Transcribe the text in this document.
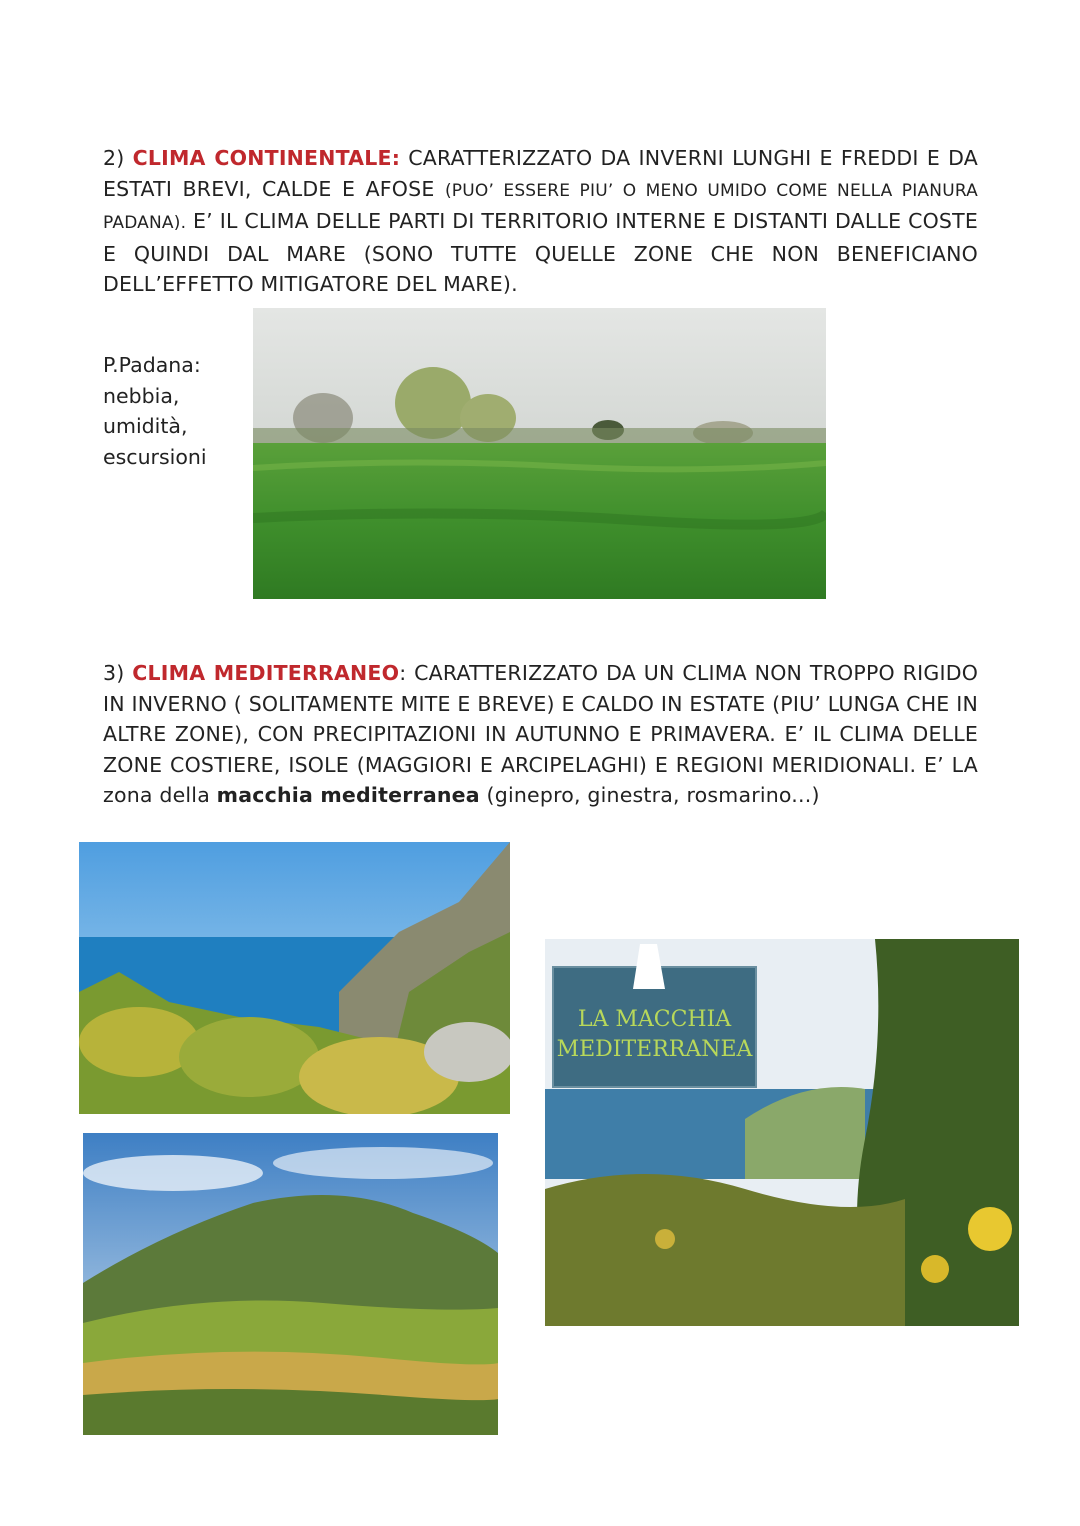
2) CLIMA CONTINENTALE: CARATTERIZZATO DA INVERNI LUNGHI E FREDDI E DA ESTATI BREVI, CALDE E AFOSE (PUO’ ESSERE PIU’ O MENO UMIDO COME NELLA PIANURA PADANA). E’ IL CLIMA DELLE PARTI DI TERRITORIO INTERNE E DISTANTI DALLE COSTE E QUINDI DAL MARE (SONO TUTTE QUELLE ZONE CHE NON BENEFICIANO DELL’EFFETTO MITIGATORE DEL MARE).
P.Padana:
nebbia,
umidità,
escursioni
3) CLIMA MEDITERRANEO: CARATTERIZZATO DA UN CLIMA NON TROPPO RIGIDO IN INVERNO ( SOLITAMENTE MITE E BREVE) E CALDO IN ESTATE (PIU’ LUNGA CHE IN ALTRE ZONE), CON PRECIPITAZIONI IN AUTUNNO E PRIMAVERA. E’ IL CLIMA DELLE ZONE COSTIERE, ISOLE (MAGGIORI E ARCIPELAGHI) E REGIONI MERIDIONALI. E’ LA zona della macchia mediterranea (ginepro, ginestra, rosmarino...)
LA MACCHIA
MEDITERRANEA
